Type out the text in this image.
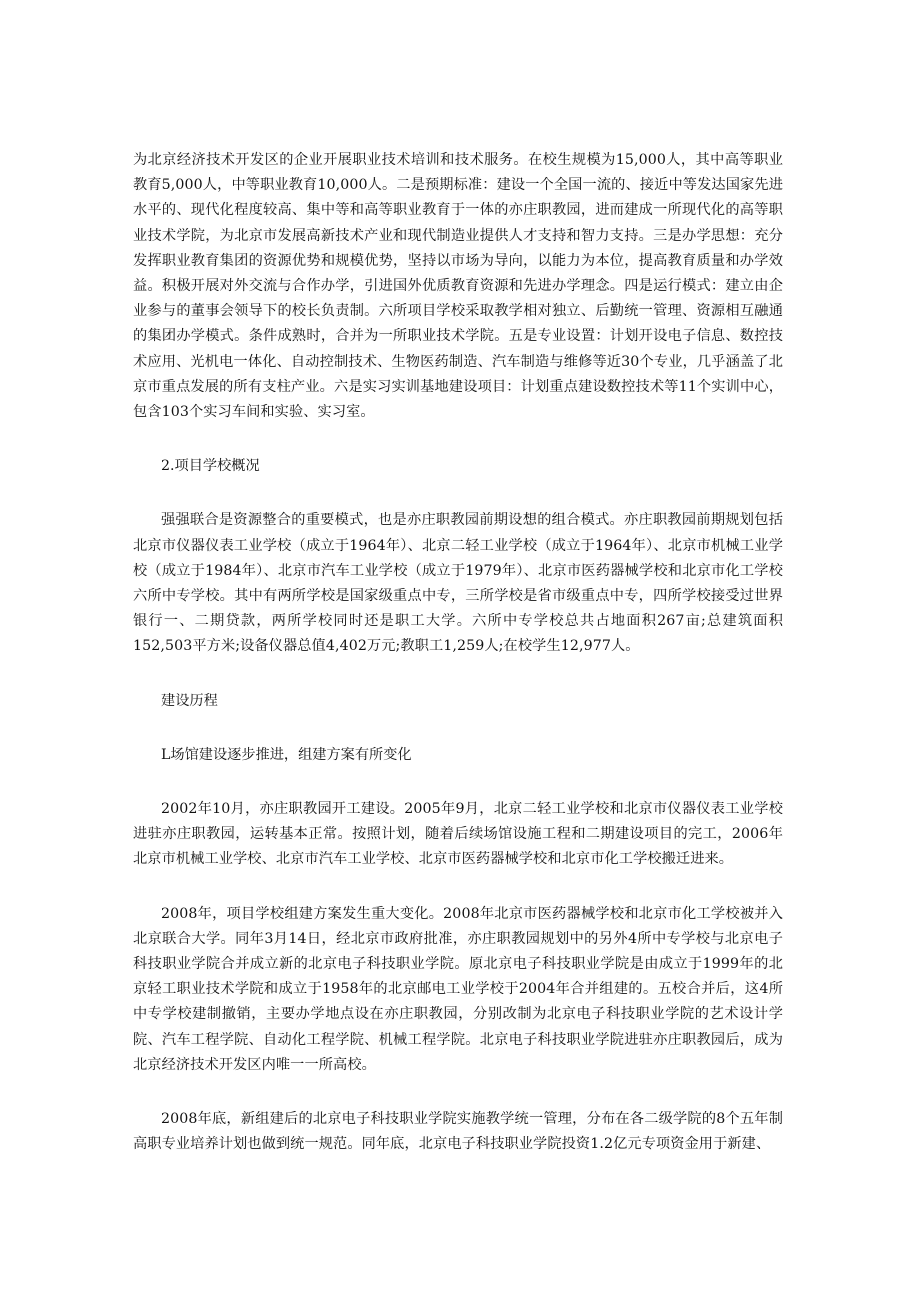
为北京经济技术开发区的企业开展职业技术培训和技术服务。在校生规模为15,000人，其中高等职业教育5,000人，中等职业教育10,000人。二是预期标准：建设一个全国一流的、接近中等发达国家先进水平的、现代化程度较高、集中等和高等职业教育于一体的亦庄职教园，进而建成一所现代化的高等职业技术学院，为北京市发展高新技术产业和现代制造业提供人才支持和智力支持。三是办学思想：充分发挥职业教育集团的资源优势和规模优势，坚持以市场为导向，以能力为本位，提高教育质量和办学效益。积极开展对外交流与合作办学，引进国外优质教育资源和先进办学理念。四是运行模式：建立由企业参与的董事会领导下的校长负责制。六所项目学校采取教学相对独立、后勤统一管理、资源相互融通的集团办学模式。条件成熟时，合并为一所职业技术学院。五是专业设置：计划开设电子信息、数控技术应用、光机电一体化、自动控制技术、生物医药制造、汽车制造与维修等近30个专业，几乎涵盖了北京市重点发展的所有支柱产业。六是实习实训基地建设项目：计划重点建设数控技术等11个实训中心，包含103个实习车间和实验、实习室。

2.项目学校概况

强强联合是资源整合的重要模式，也是亦庄职教园前期设想的组合模式。亦庄职教园前期规划包括北京市仪器仪表工业学校（成立于1964年）、北京二轻工业学校（成立于1964年）、北京市机械工业学校（成立于1984年）、北京市汽车工业学校（成立于1979年）、北京市医药器械学校和北京市化工学校六所中专学校。其中有两所学校是国家级重点中专，三所学校是省市级重点中专，四所学校接受过世界银行一、二期贷款，两所学校同时还是职工大学。六所中专学校总共占地面积267亩;总建筑面积152,503平方米;设备仪器总值4,402万元;教职工1,259人;在校学生12,977人。

建设历程

L场馆建设逐步推进，组建方案有所变化

2002年10月，亦庄职教园开工建设。2005年9月，北京二轻工业学校和北京市仪器仪表工业学校进驻亦庄职教园，运转基本正常。按照计划，随着后续场馆设施工程和二期建设项目的完工，2006年北京市机械工业学校、北京市汽车工业学校、北京市医药器械学校和北京市化工学校搬迁进来。

2008年，项目学校组建方案发生重大变化。2008年北京市医药器械学校和北京市化工学校被并入北京联合大学。同年3月14日，经北京市政府批准，亦庄职教园规划中的另外4所中专学校与北京电子科技职业学院合并成立新的北京电子科技职业学院。原北京电子科技职业学院是由成立于1999年的北京轻工职业技术学院和成立于1958年的北京邮电工业学校于2004年合并组建的。五校合并后，这4所中专学校建制撤销，主要办学地点设在亦庄职教园，分别改制为北京电子科技职业学院的艺术设计学院、汽车工程学院、自动化工程学院、机械工程学院。北京电子科技职业学院进驻亦庄职教园后，成为北京经济技术开发区内唯一一所高校。

2008年底，新组建后的北京电子科技职业学院实施教学统一管理，分布在各二级学院的8个五年制高职专业培养计划也做到统一规范。同年底，北京电子科技职业学院投资1.2亿元专项资金用于新建、
